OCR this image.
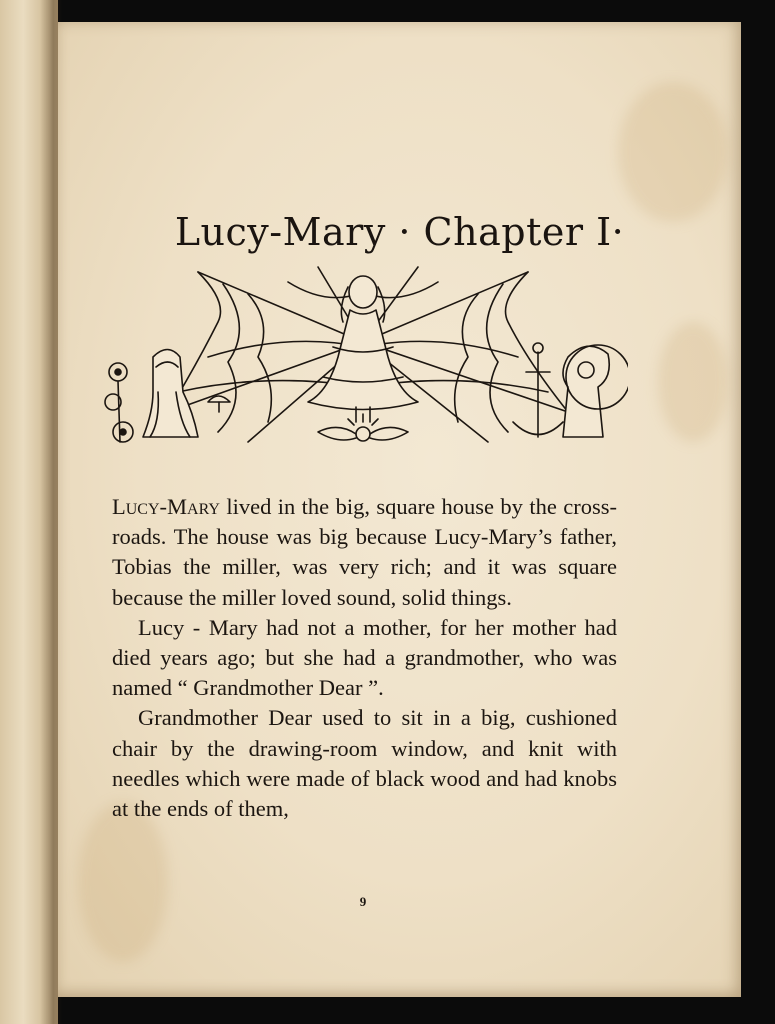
Lucy-Mary · Chapter I·

Lucy-Mary lived in the big, square house by the cross-roads. The house was big because Lucy-Mary’s father, Tobias the miller, was very rich; and it was square because the miller loved sound, solid things.

Lucy - Mary had not a mother, for her mother had died years ago; but she had a grandmother, who was named “ Grandmother Dear ”.

Grandmother Dear used to sit in a big, cushioned chair by the drawing-room window, and knit with needles which were made of black wood and had knobs at the ends of them,

9
